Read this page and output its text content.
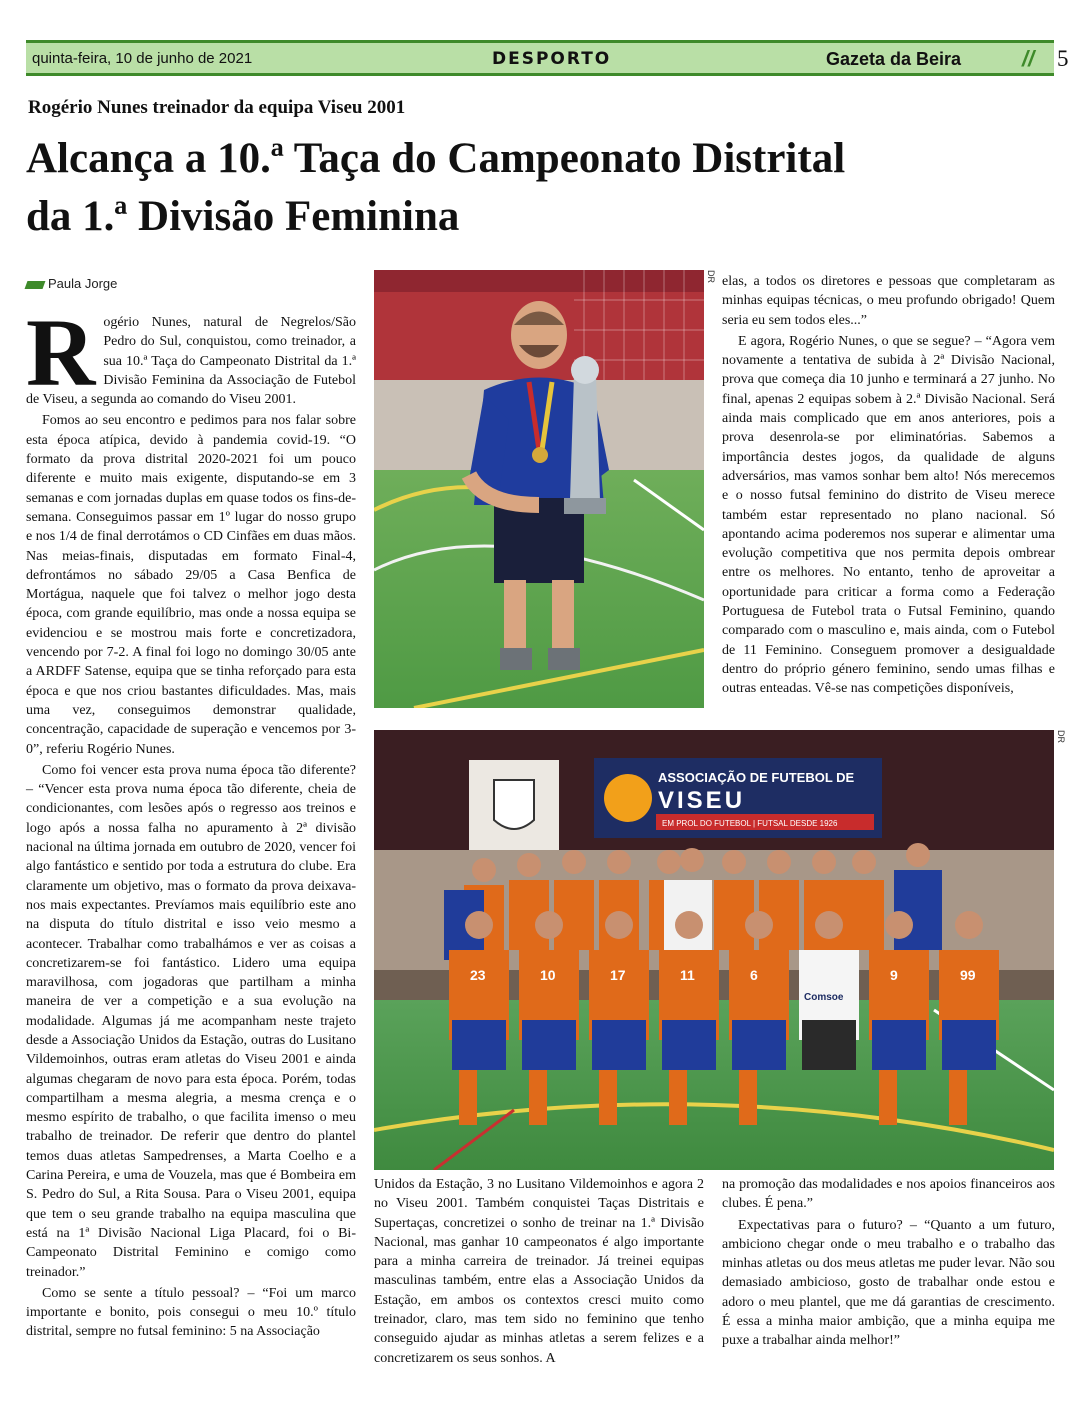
quinta-feira, 10 de junho de 2021	DESPORTO	Gazeta da Beira	// 5
Rogério Nunes treinador da equipa Viseu 2001
Alcança a 10.ª Taça do Campeonato Distrital
da 1.ª Divisão Feminina
Paula Jorge

Rogério Nunes, natural de Negrelos/São Pedro do Sul, conquistou, como treinador, a sua 10.ª Taça do Campeonato Distrital da 1.ª Divisão Feminina da Associação de Futebol de Viseu, a segunda ao comando do Viseu 2001.

Fomos ao seu encontro e pedimos para nos falar sobre esta época atípica, devido à pandemia covid-19. “O formato da prova distrital 2020-2021 foi um pouco diferente e muito mais exigente, disputando-se em 3 semanas e com jornadas duplas em quase todos os fins-de-semana. Conseguimos passar em 1º lugar do nosso grupo e nos 1/4 de final derrotámos o CD Cinfães em duas mãos. Nas meias-finais, disputadas em formato Final-4, defrontámos no sábado 29/05 a Casa Benfica de Mortágua, naquele que foi talvez o melhor jogo desta época, com grande equilíbrio, mas onde a nossa equipa se evidenciou e se mostrou mais forte e concretizadora, vencendo por 7-2. A final foi logo no domingo 30/05 ante a ARDFF Satense, equipa que se tinha reforçado para esta época e que nos criou bastantes dificuldades. Mas, mais uma vez, conseguimos demonstrar qualidade, concentração, capacidade de superação e vencemos por 3-0”, referiu Rogério Nunes.

Como foi vencer esta prova numa época tão diferente? – “Vencer esta prova numa época tão diferente, cheia de condicionantes, com lesões após o regresso aos treinos e logo após a nossa falha no apuramento à 2ª divisão nacional na última jornada em outubro de 2020, vencer foi algo fantástico e sentido por toda a estrutura do clube. Era claramente um objetivo, mas o formato da prova deixava-nos mais expectantes. Prevíamos mais equilíbrio este ano na disputa do título distrital e isso veio mesmo a acontecer. Trabalhar como trabalhámos e ver as coisas a concretizarem-se foi fantástico. Lidero uma equipa maravilhosa, com jogadoras que partilham a minha maneira de ver a competição e a sua evolução na modalidade. Algumas já me acompanham neste trajeto desde a Associação Unidos da Estação, outras do Lusitano Vildemoinhos, outras eram atletas do Viseu 2001 e ainda algumas chegaram de novo para esta época. Porém, todas compartilham a mesma alegria, a mesma crença e o mesmo espírito de trabalho, o que facilita imenso o meu trabalho de treinador. De referir que dentro do plantel temos duas atletas Sampedrenses, a Marta Coelho e a Carina Pereira, e uma de Vouzela, mas que é Bombeira em S. Pedro do Sul, a Rita Sousa. Para o Viseu 2001, equipa que tem o seu grande trabalho na equipa masculina que está na 1ª Divisão Nacional Liga Placard, foi o Bi-Campeonato Distrital Feminino e comigo como treinador.”

Como se sente a título pessoal? – “Foi um marco importante e bonito, pois consegui o meu 10.º título distrital, sempre no futsal feminino: 5 na Associação

DR elas, a todos os diretores e pessoas que completaram as minhas equipas técnicas, o meu profundo obrigado! Quem seria eu sem todos eles...”

E agora, Rogério Nunes, o que se segue? – “Agora vem novamente a tentativa de subida à 2ª Divisão Nacional, prova que começa dia 10 junho e terminará a 27 junho. No final, apenas 2 equipas sobem à 2.ª Divisão Nacional. Será ainda mais complicado que em anos anteriores, pois a prova desenrola-se por eliminatórias. Sabemos a importância destes jogos, da qualidade de alguns adversários, mas vamos sonhar bem alto! Nós merecemos e o nosso futsal feminino do distrito de Viseu merece também estar representado no plano nacional. Só apontando acima poderemos nos superar e alimentar uma evolução competitiva que nos permita depois ombrear entre os melhores. No entanto, tenho de aproveitar a oportunidade para criticar a forma como a Federação Portuguesa de Futebol trata o Futsal Feminino, quando comparado com o masculino e, mais ainda, com o Futebol de 11 Feminino. Conseguem promover a desigualdade dentro do próprio género feminino, sendo umas filhas e outras enteadas. Vê-se nas competições disponíveis,

ASSOCIAÇÃO DE FUTEBOL DE
VISEU
EM PROL DO FUTEBOL | FUTSAL DESDE 1926
23	10	17	11	6	9	99
Comsoe
DR

Unidos da Estação, 3 no Lusitano Vildemoinhos e agora 2 no Viseu 2001. Também conquistei Taças Distritais e Supertaças, concretizei o sonho de treinar na 1.ª Divisão Nacional, mas ganhar 10 campeonatos é algo importante para a minha carreira de treinador. Já treinei equipas masculinas também, entre elas a Associação Unidos da Estação, em ambos os contextos cresci muito como treinador, claro, mas tem sido no feminino que tenho conseguido ajudar as minhas atletas a serem felizes e a concretizarem os seus sonhos. A

na promoção das modalidades e nos apoios financeiros aos clubes. É pena.”

Expectativas para o futuro? – “Quanto a um futuro, ambiciono chegar onde o meu trabalho e o trabalho das minhas atletas ou dos meus atletas me puder levar. Não sou demasiado ambicioso, gosto de trabalhar onde estou e adoro o meu plantel, que me dá garantias de crescimento. É essa a minha maior ambição, que a minha equipa me puxe a trabalhar ainda melhor!”
